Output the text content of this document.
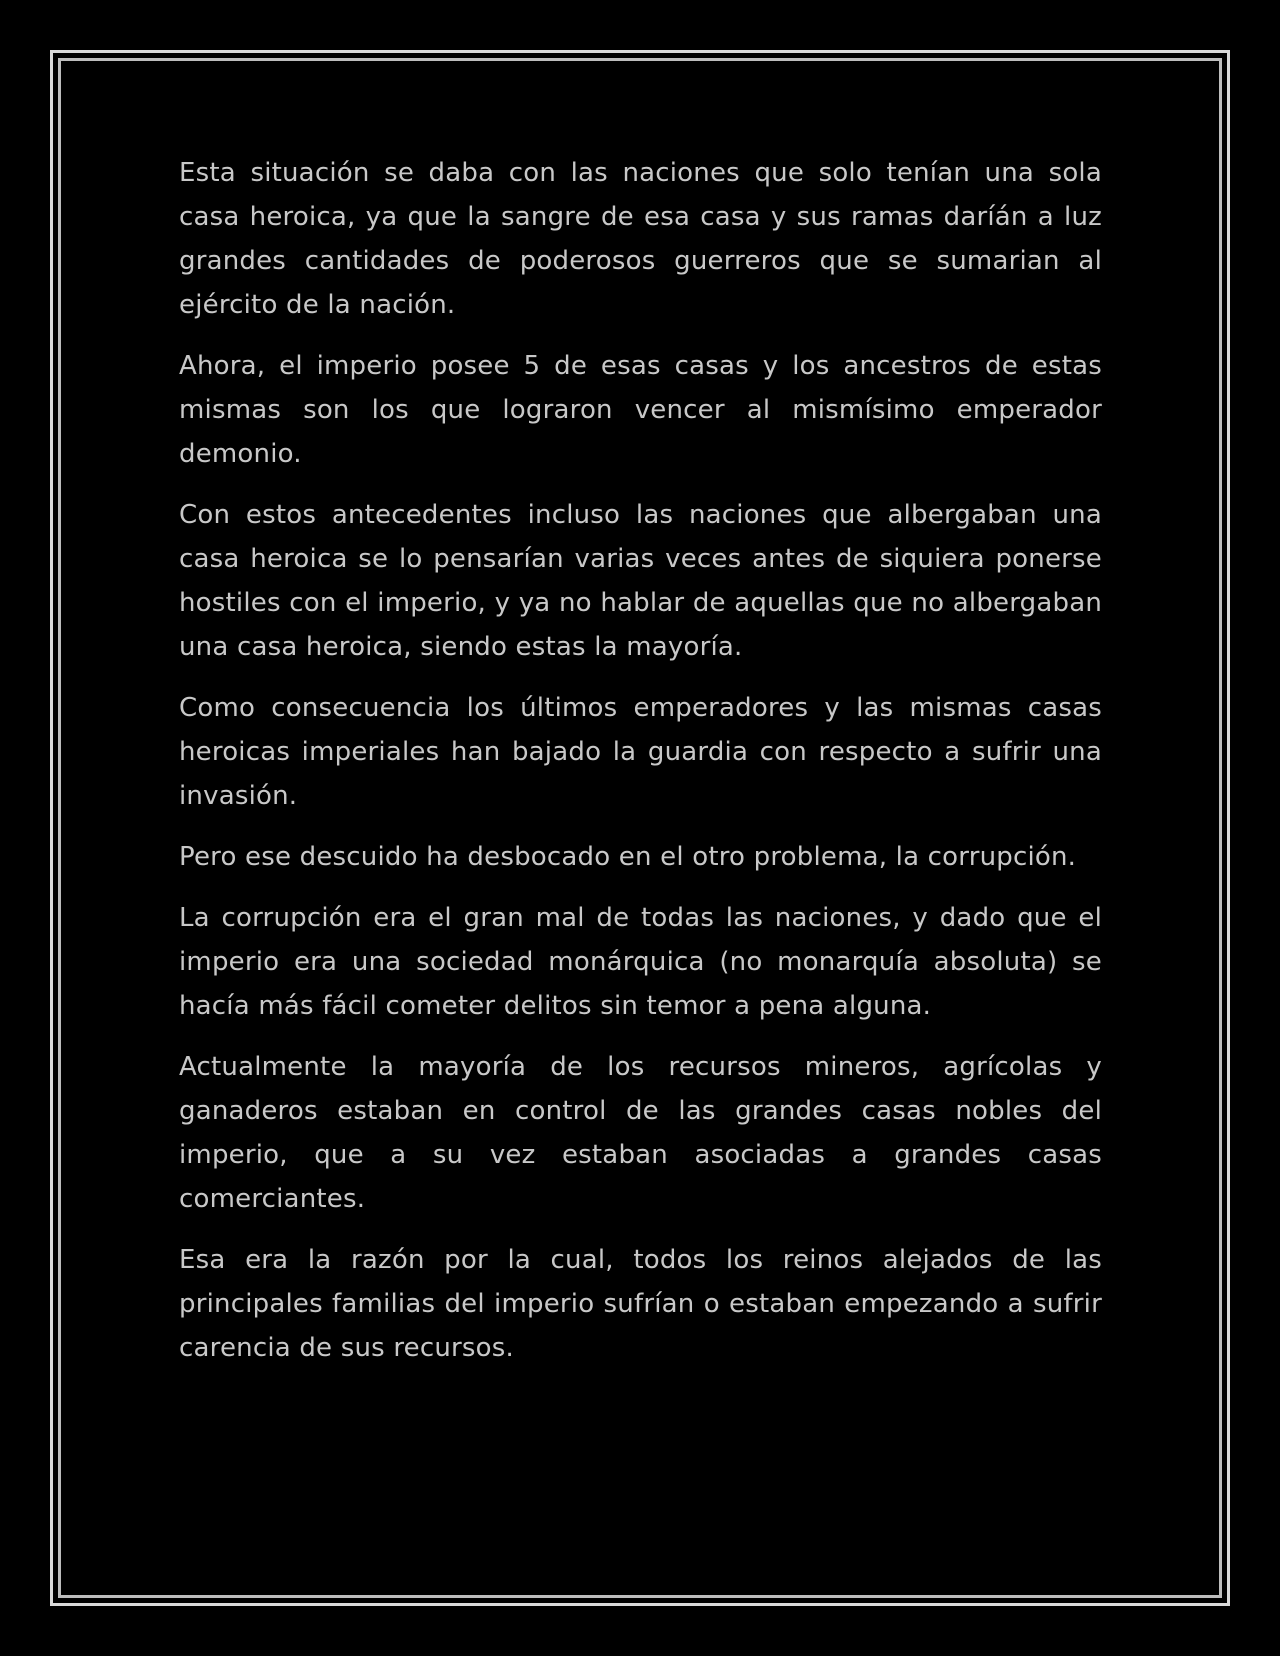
Esta situación se daba con las naciones que solo tenían una sola casa heroica, ya que la sangre de esa casa y sus ramas daríán a luz grandes cantidades de poderosos guerreros que se sumarian al ejército de la nación.

Ahora, el imperio posee 5 de esas casas y los ancestros de estas mismas son los que lograron vencer al mismísimo emperador demonio.

Con estos antecedentes incluso las naciones que albergaban una casa heroica se lo pensarían varias veces antes de siquiera ponerse hostiles con el imperio, y ya no hablar de aquellas que no albergaban una casa heroica, siendo estas la mayoría.

Como consecuencia los últimos emperadores y las mismas casas heroicas imperiales han bajado la guardia con respecto a sufrir una invasión.

Pero ese descuido ha desbocado en el otro problema, la corrupción.

La corrupción era el gran mal de todas las naciones, y dado que el imperio era una sociedad monárquica (no monarquía absoluta) se hacía más fácil cometer delitos sin temor a pena alguna.

Actualmente la mayoría de los recursos mineros, agrícolas y ganaderos estaban en control de las grandes casas nobles del imperio, que a su vez estaban asociadas a grandes casas comerciantes.

Esa era la razón por la cual, todos los reinos alejados de las principales familias del imperio sufrían o estaban empezando a sufrir carencia de sus recursos.
